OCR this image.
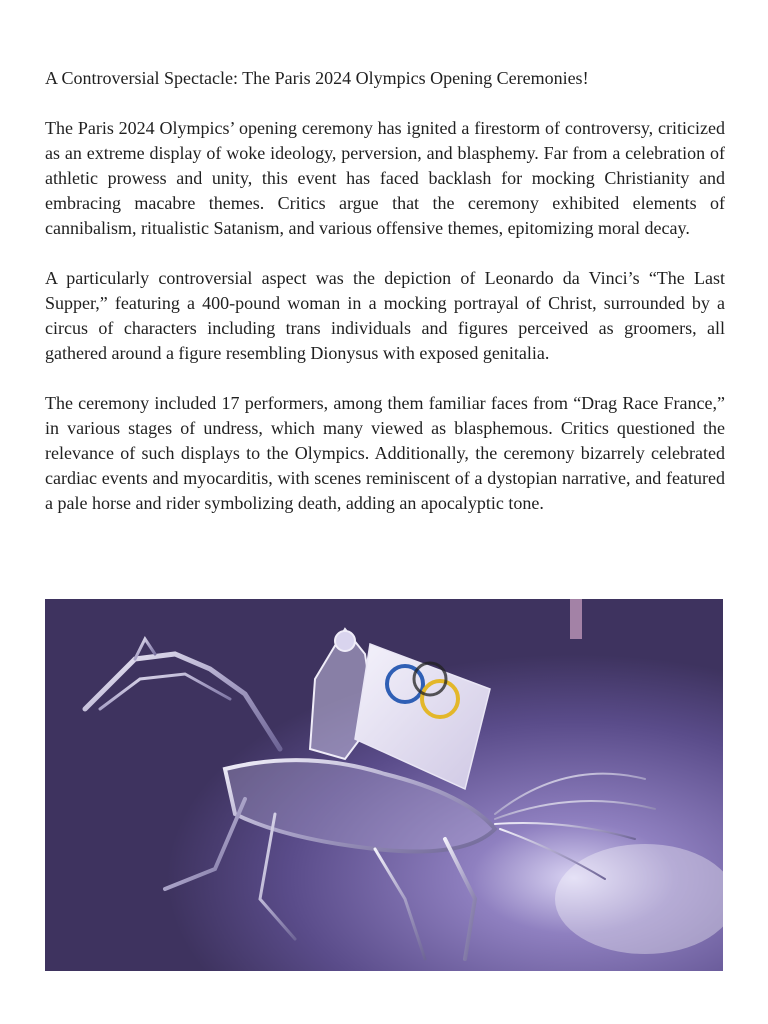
A Controversial Spectacle: The Paris 2024 Olympics Opening Ceremonies!

The Paris 2024 Olympics’ opening ceremony has ignited a firestorm of controversy, criticized as an extreme display of woke ideology, perversion, and blasphemy. Far from a celebration of athletic prowess and unity, this event has faced backlash for mocking Christianity and embracing macabre themes. Critics argue that the ceremony exhibited elements of cannibalism, ritualistic Satanism, and various offensive themes, epitomizing moral decay.

A particularly controversial aspect was the depiction of Leonardo da Vinci’s “The Last Supper,” featuring a 400-pound woman in a mocking portrayal of Christ, surrounded by a circus of characters including trans individuals and figures perceived as groomers, all gathered around a figure resembling Dionysus with exposed genitalia.

The ceremony included 17 performers, among them familiar faces from “Drag Race France,” in various stages of undress, which many viewed as blasphemous. Critics questioned the relevance of such displays to the Olympics. Additionally, the ceremony bizarrely celebrated cardiac events and myocarditis, with scenes reminiscent of a dystopian narrative, and featured a pale horse and rider symbolizing death, adding an apocalyptic tone.
